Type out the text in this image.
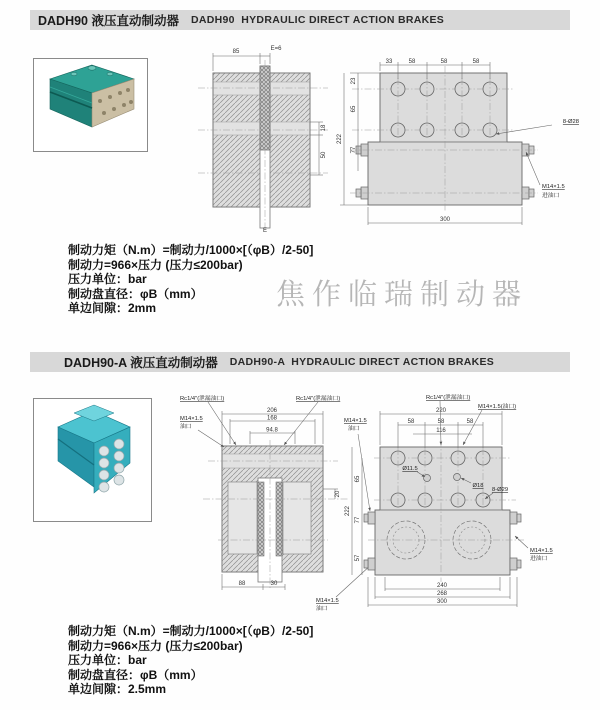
DADH90 液压直动制动器 DADH90  HYDRAULIC DIRECT ACTION BRAKES
85	E=6
18
50
E
33	58	58	58
23
65
77
222
300
8-Ø28
M14×1.5
进油口
制动力矩（N.m）=制动力/1000×[（φB）/2-50]
制动力=966×压力 (压力≤200bar)
压力单位：bar
制动盘直径：φB（mm）
单边间隙：2mm	焦作临瑞制动器
DADH90-A 液压直动制动器 DADH90-A  HYDRAULIC DIRECT ACTION BRAKES
206
168
94.8
Rc1/4"(泄漏油口)	Rc1/4"(泄漏油口)
M14×1.5
油口
20
88	30
M14×1.5
油口
220
58	58	58
116
Rc1/4"(泄漏油口)
M14×1.5(油口)
M14×1.5
油口
Ø11.5
Ø18
8-Ø29
65
77
57
222
240
268
300
M14×1.5
进油口
制动力矩（N.m）=制动力/1000×[（φB）/2-50]
制动力=966×压力 (压力≤200bar)
压力单位：bar
制动盘直径：φB（mm）
单边间隙：2.5mm
